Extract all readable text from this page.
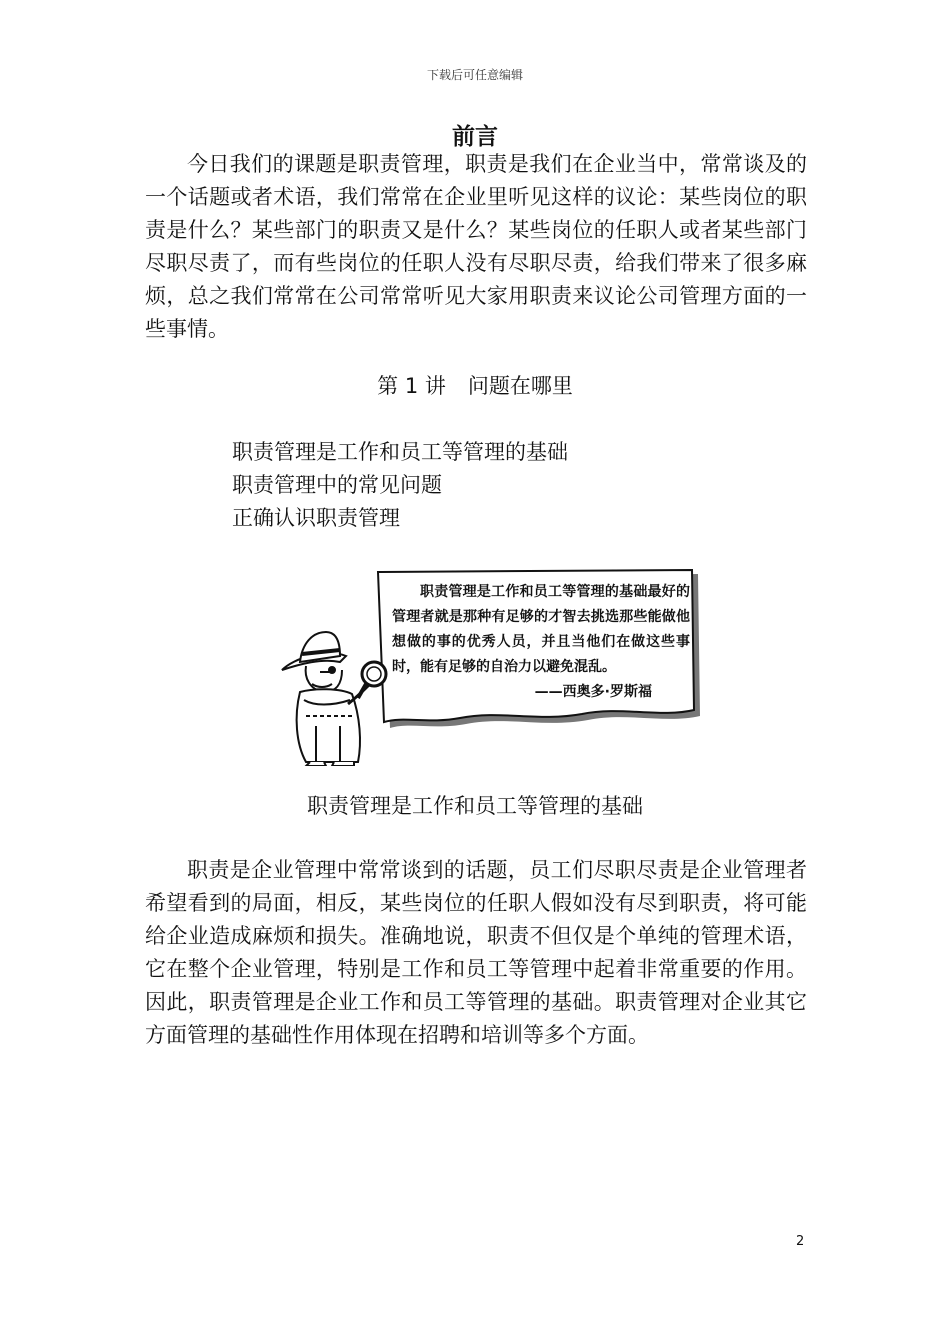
下载后可任意编辑
前言

今日我们的课题是职责管理，职责是我们在企业当中，常常谈及的一个话题或者术语，我们常常在企业里听见这样的议论：某些岗位的职责是什么？某些部门的职责又是什么？某些岗位的任职人或者某些部门尽职尽责了，而有些岗位的任职人没有尽职尽责，给我们带来了很多麻烦，总之我们常常在公司常常听见大家用职责来议论公司管理方面的一些事情。

第 1 讲 问题在哪里
职责管理是工作和员工等管理的基础
职责管理中的常见问题
正确认识职责管理

职责管理是工作和员工等管理的基础最好的管理者就是那种有足够的才智去挑选那些能做他想做的事的优秀人员，并且当他们在做这些事时，能有足够的自治力以避免混乱。

——西奥多·罗斯福

职责管理是工作和员工等管理的基础

职责是企业管理中常常谈到的话题，员工们尽职尽责是企业管理者希望看到的局面，相反，某些岗位的任职人假如没有尽到职责，将可能给企业造成麻烦和损失。准确地说，职责不但仅是个单纯的管理术语，它在整个企业管理，特别是工作和员工等管理中起着非常重要的作用。因此，职责管理是企业工作和员工等管理的基础。职责管理对企业其它方面管理的基础性作用体现在招聘和培训等多个方面。

2
